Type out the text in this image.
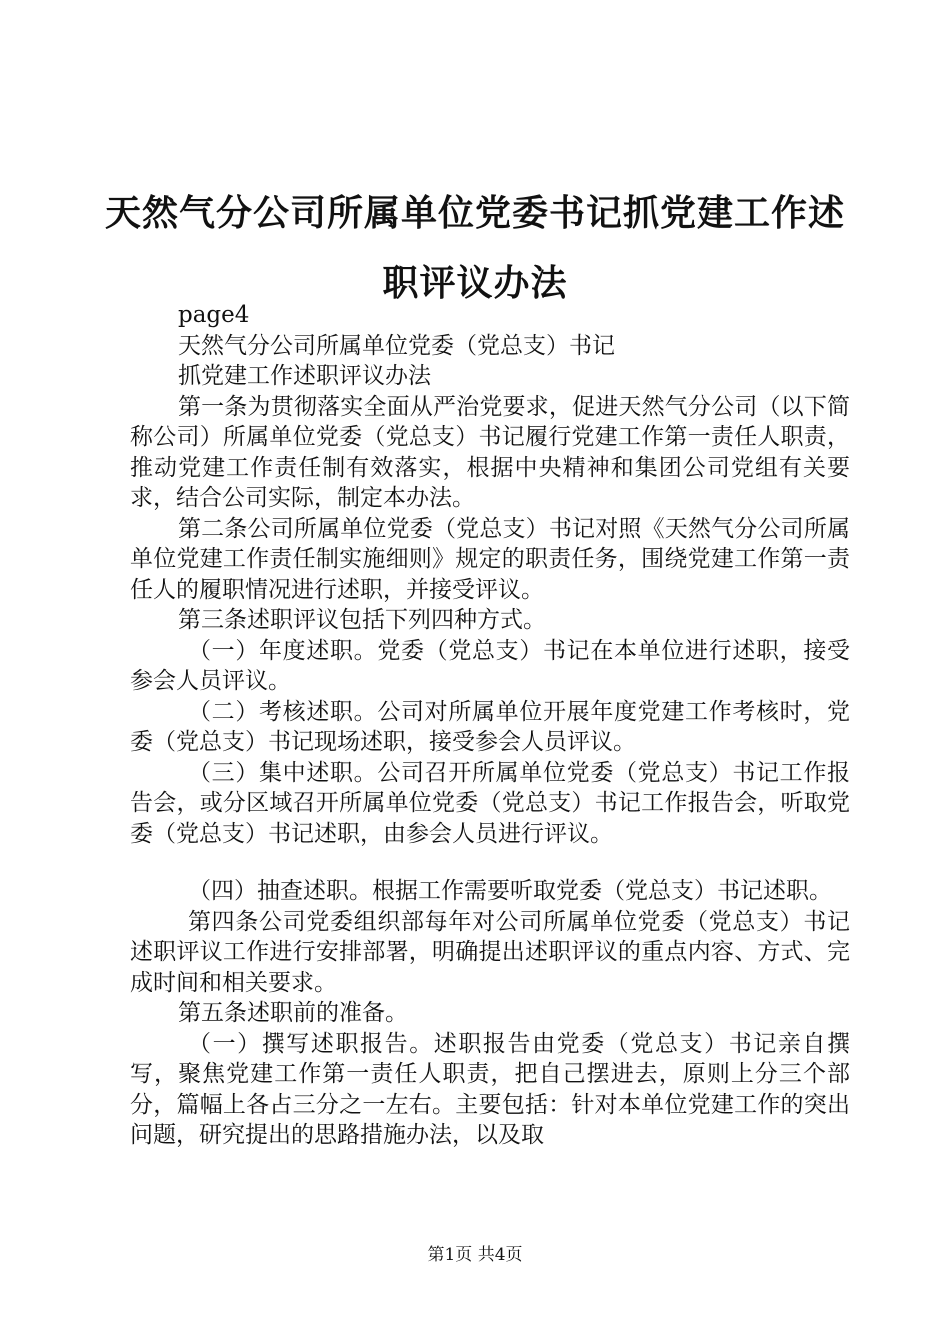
天然气分公司所属单位党委书记抓党建工作述
职评议办法

page4

天然气分公司所属单位党委（党总支）书记

抓党建工作述职评议办法

第一条为贯彻落实全面从严治党要求，促进天然气分公司（以下简称公司）所属单位党委（党总支）书记履行党建工作第一责任人职责，推动党建工作责任制有效落实，根据中央精神和集团公司党组有关要求，结合公司实际，制定本办法。

第二条公司所属单位党委（党总支）书记对照《天然气分公司所属单位党建工作责任制实施细则》规定的职责任务，围绕党建工作第一责任人的履职情况进行述职，并接受评议。

第三条述职评议包括下列四种方式。

（一）年度述职。党委（党总支）书记在本单位进行述职，接受参会人员评议。

（二）考核述职。公司对所属单位开展年度党建工作考核时，党委（党总支）书记现场述职，接受参会人员评议。

（三）集中述职。公司召开所属单位党委（党总支）书记工作报告会，或分区域召开所属单位党委（党总支）书记工作报告会，听取党委（党总支）书记述职，由参会人员进行评议。

（四）抽查述职。根据工作需要听取党委（党总支）书记述职。

第四条公司党委组织部每年对公司所属单位党委（党总支）书记述职评议工作进行安排部署，明确提出述职评议的重点内容、方式、完成时间和相关要求。

第五条述职前的准备。

（一）撰写述职报告。述职报告由党委（党总支）书记亲自撰写，聚焦党建工作第一责任人职责，把自己摆进去，原则上分三个部分，篇幅上各占三分之一左右。主要包括：针对本单位党建工作的突出问题，研究提出的思路措施办法，以及取

第1页 共4页
